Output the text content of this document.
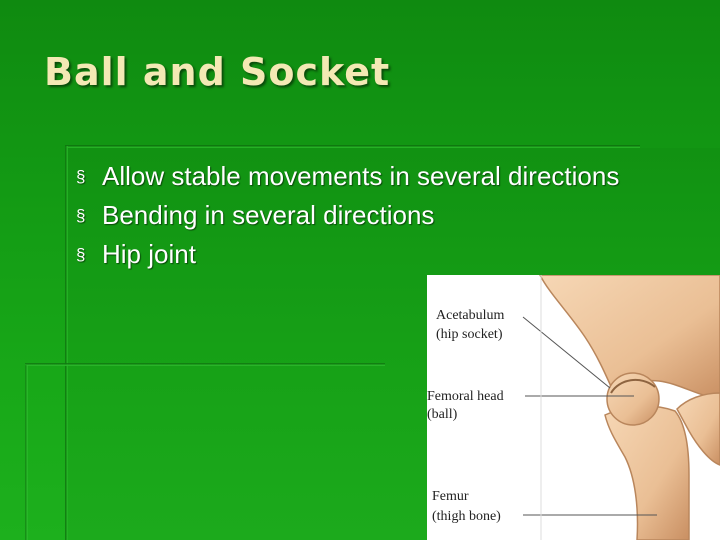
Ball and Socket
§ Allow stable movements in several directions
§ Bending in several directions
§ Hip joint
Acetabulum
(hip socket)
Femoral head
(ball)
Femur
(thigh bone)
